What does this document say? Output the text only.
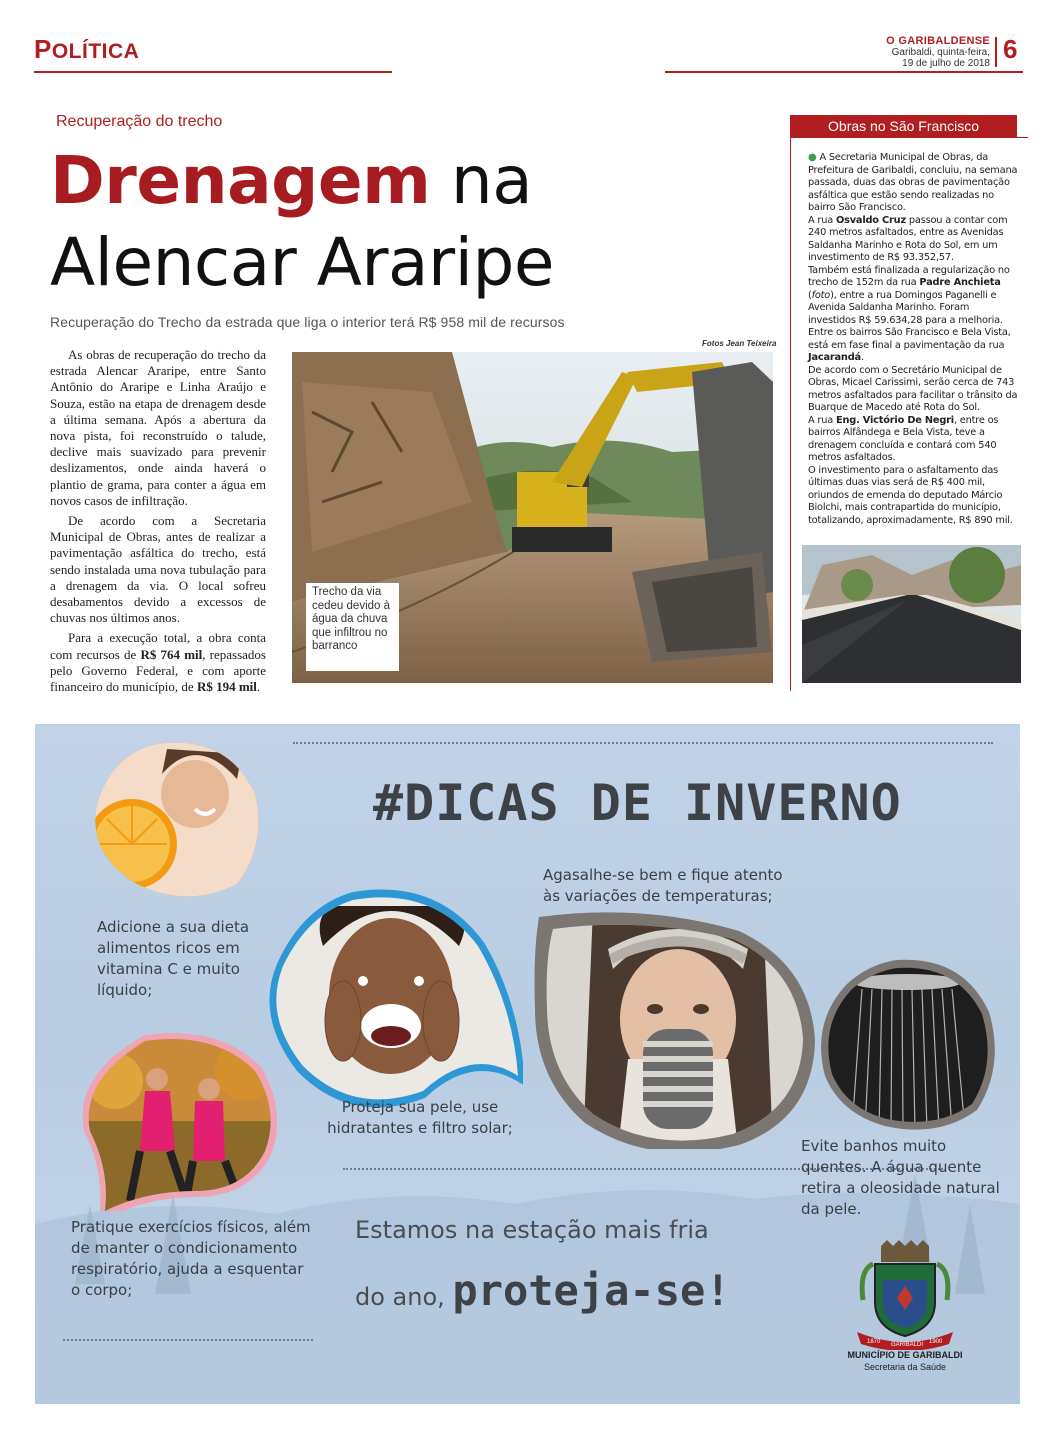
POLÍTICA	O GARIBALDENSE
Garibaldi, quinta-feira,
19 de julho de 2018 6
Recuperação do trecho
Drenagem na
Alencar Araripe
Recuperação do Trecho da estrada que liga o interior terá R$ 958 mil de recursos

As obras de recuperação do trecho da estrada Alencar Araripe, entre Santo Antônio do Araripe e Linha Araújo e Souza, estão na etapa de drenagem desde a última semana. Após a abertura da nova pista, foi reconstruído o talude, declive mais suavizado para prevenir deslizamentos, onde ainda haverá o plantio de grama, para conter a água em novos casos de infiltração.

De acordo com a Secretaria Municipal de Obras, antes de realizar a pavimentação asfáltica do trecho, está sendo instalada uma nova tubulação para a drenagem da via. O local sofreu desabamentos devido a excessos de chuvas nos últimos anos.

Para a execução total, a obra conta com recursos de R$ 764 mil, repassados pelo Governo Federal, e com aporte financeiro do município, de R$ 194 mil.

Fotos Jean Teixeira
Trecho da via cedeu devido à água da chuva que infiltrou no barranco
Obras no São Francisco
● A Secretaria Municipal de Obras, da Prefeitura de Garibaldi, concluiu, na semana passada, duas das obras de pavimentação asfáltica que estão sendo realizadas no bairro São Francisco.
A rua Osvaldo Cruz passou a contar com 240 metros asfaltados, entre as Avenidas Saldanha Marinho e Rota do Sol, em um investimento de R$ 93.352,57.
Também está finalizada a regularização no trecho de 152m da rua Padre Anchieta (foto), entre a rua Domingos Paganelli e Avenida Saldanha Marinho. Foram investidos R$ 59.634,28 para a melhoria.
Entre os bairros São Francisco e Bela Vista, está em fase final a pavimentação da rua Jacarandá.
De acordo com o Secretário Municipal de Obras, Micael Carissimi, serão cerca de 743 metros asfaltados para facilitar o trânsito da Buarque de Macedo até Rota do Sol.
A rua Eng. Victório De Negri, entre os bairros Alfândega e Bela Vista, teve a drenagem concluída e contará com 540 metros asfaltados.
O investimento para o asfaltamento das últimas duas vias será de R$ 400 mil, oriundos de emenda do deputado Márcio Biolchi, mais contrapartida do município, totalizando, aproximadamente, R$ 890 mil.
#DICAS DE INVERNO
Adicione a sua dieta alimentos ricos em vitamina C e muito líquido;
Proteja sua pele, use hidratantes e filtro solar;
Agasalhe-se bem e fique atento às variações de temperaturas;
Evite banhos muito quentes. A água quente retira a oleosidade natural da pele.
Pratique exercícios físicos, além de manter o condicionamento respiratório, ajuda a esquentar o corpo;
Estamos na estação mais fria
do ano, proteja-se!
1870 GARIBALDI 1900
MUNICÍPIO DE GARIBALDI
Secretaria da Saúde
